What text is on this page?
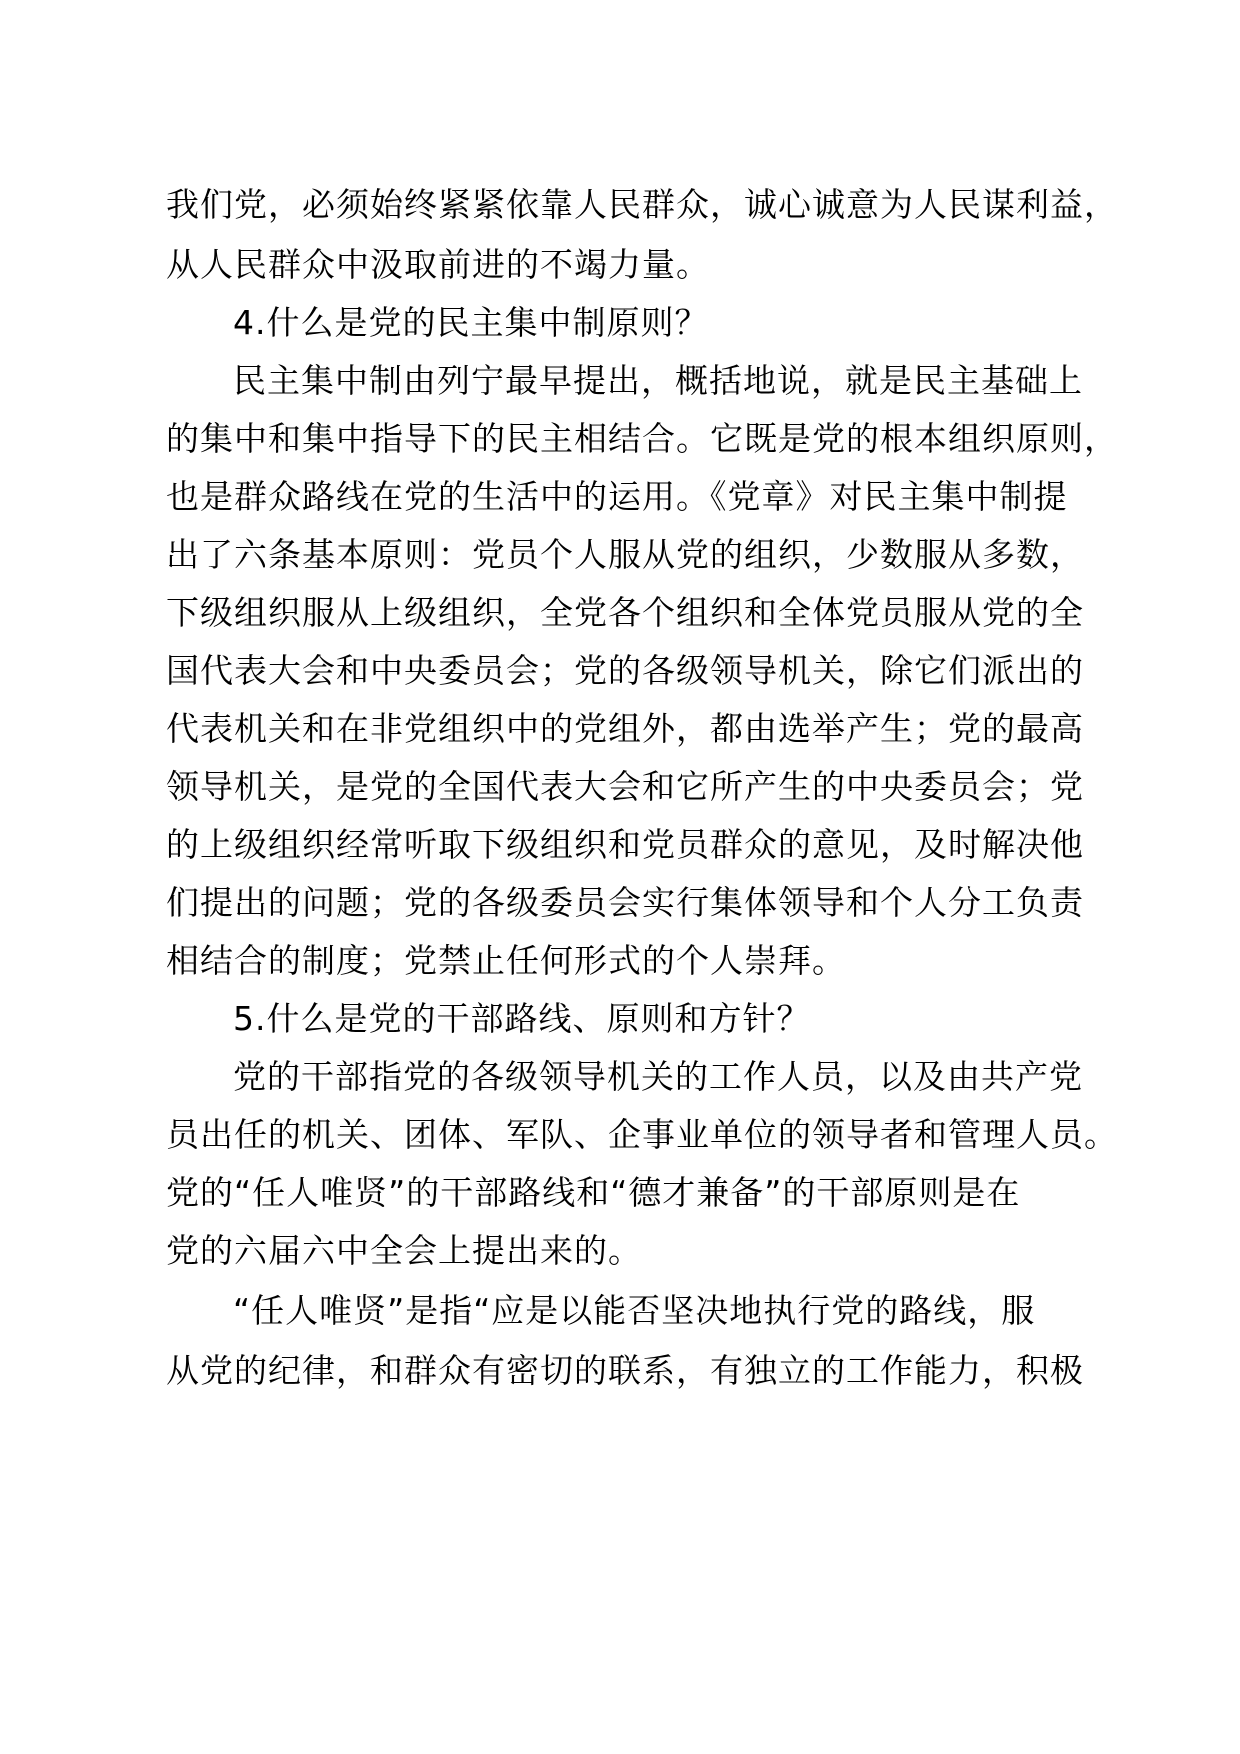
我们党，必须始终紧紧依靠人民群众，诚心诚意为人民谋利益，
从人民群众中汲取前进的不竭力量。
4.什么是党的民主集中制原则？
民主集中制由列宁最早提出，概括地说，就是民主基础上
的集中和集中指导下的民主相结合。它既是党的根本组织原则，
也是群众路线在党的生活中的运用。《党章》对民主集中制提
出了六条基本原则：党员个人服从党的组织，少数服从多数，
下级组织服从上级组织，全党各个组织和全体党员服从党的全
国代表大会和中央委员会；党的各级领导机关，除它们派出的
代表机关和在非党组织中的党组外，都由选举产生；党的最高
领导机关，是党的全国代表大会和它所产生的中央委员会；党
的上级组织经常听取下级组织和党员群众的意见，及时解决他
们提出的问题；党的各级委员会实行集体领导和个人分工负责
相结合的制度；党禁止任何形式的个人崇拜。
5.什么是党的干部路线、原则和方针？
党的干部指党的各级领导机关的工作人员，以及由共产党
员出任的机关、团体、军队、企事业单位的领导者和管理人员。
党的“任人唯贤”的干部路线和“德才兼备”的干部原则是在
党的六届六中全会上提出来的。
“任人唯贤”是指“应是以能否坚决地执行党的路线，服
从党的纪律，和群众有密切的联系，有独立的工作能力，积极
